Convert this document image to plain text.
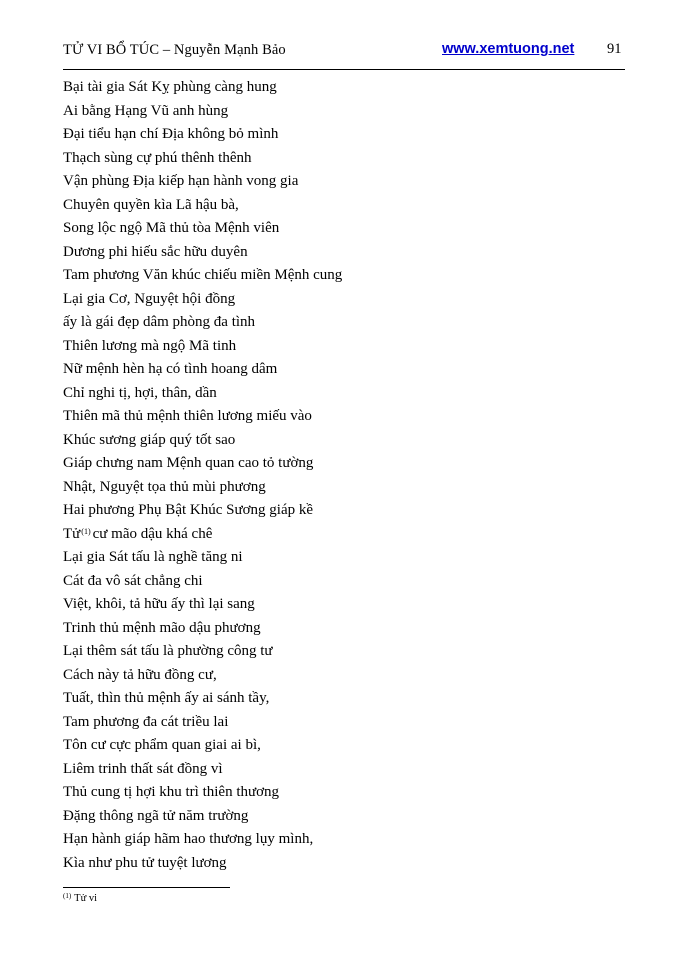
TỬ VI BỔ TÚC – Nguyễn Mạnh Bảo	www.xemtuong.net 91
Bại tài gia Sát Kỵ phùng càng hung
Ai bằng Hạng Vũ anh hùng
Đại tiểu hạn chí Địa không bỏ mình
Thạch sùng cự phú thênh thênh
Vận phùng Địa kiếp hạn hành vong gia
Chuyên quyền kìa Lã hậu bà,
Song lộc ngộ Mã thủ tòa Mệnh viên
Dương phi hiếu sắc hữu duyên
Tam phương Văn khúc chiếu miền Mệnh cung
Lại gia Cơ, Nguyệt hội đồng
ấy là gái đẹp dâm phòng đa tình
Thiên lương mà ngộ Mã tinh
Nữ mệnh hèn hạ có tình hoang dâm
Chỉ nghi tị, hợi, thân, dần
Thiên mã thủ mệnh thiên lương miếu vào
Khúc sương giáp quý tốt sao
Giáp chưng nam Mệnh quan cao tỏ tường
Nhật, Nguyệt tọa thủ mùi phương
Hai phương Phụ Bật Khúc Sương giáp kề
Tử$^{(1)}$ cư mão dậu khá chê
Lại gia Sát tấu là nghề tăng ni
Cát đa vô sát chẳng chi
Việt, khôi, tả hữu ấy thì lại sang
Trinh thủ mệnh mão dậu phương
Lại thêm sát tấu là phường công tư
Cách này tả hữu đồng cư,
Tuất, thìn thủ mệnh ấy ai sánh tầy,
Tam phương đa cát triều lai
Tôn cư cực phẩm quan giai ai bì,
Liêm trinh thất sát đồng vì
Thủ cung tị hợi khu trì thiên thương
Đặng thông ngã tử năm trường
Hạn hành giáp hãm hao thương lụy mình,
Kìa như phu tử tuyệt lương
$^{(1)}$ Tử vi
